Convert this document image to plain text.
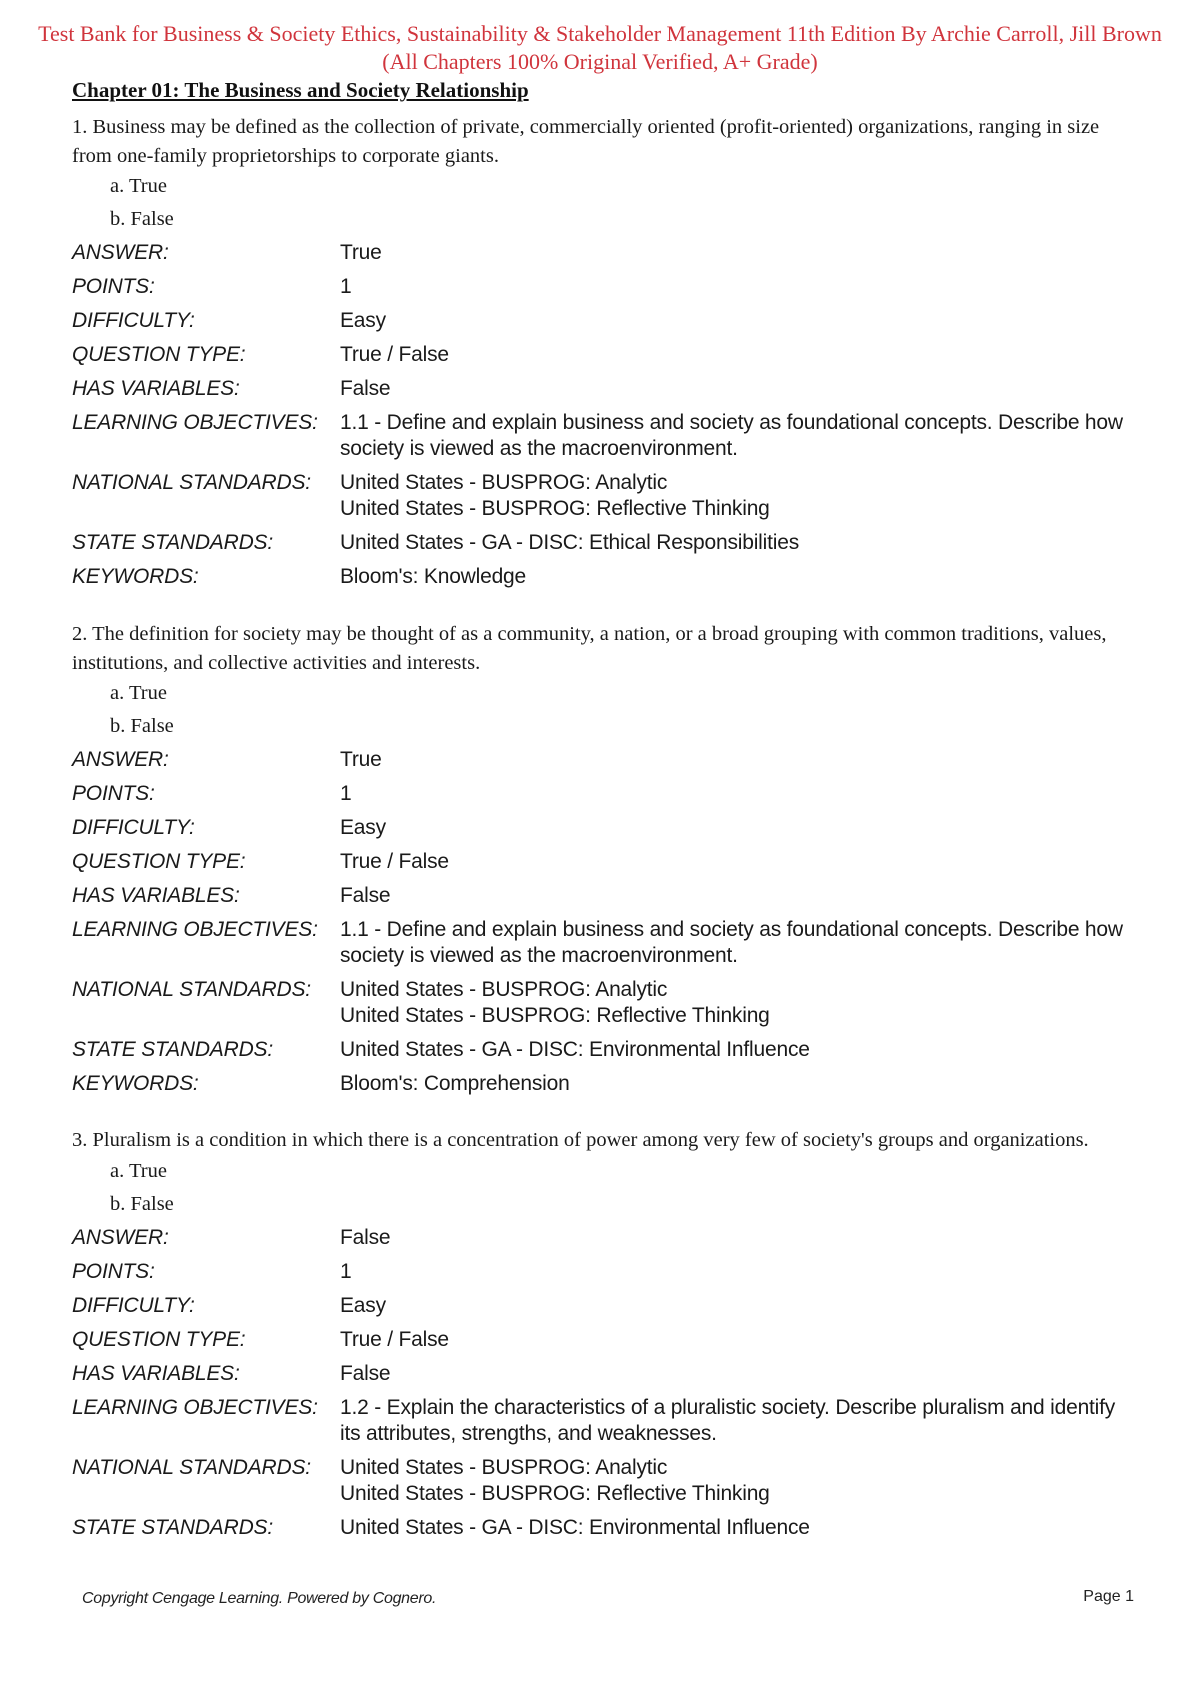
Test Bank for Business & Society Ethics, Sustainability & Stakeholder Management 11th Edition By Archie Carroll, Jill Brown
(All Chapters 100% Original Verified, A+ Grade)
Chapter 01: The Business and Society Relationship

1. Business may be defined as the collection of private, commercially oriented (profit-oriented) organizations, ranging in size from one-family proprietorships to corporate giants.

a. True
b. False
ANSWER:	True
POINTS:	1
DIFFICULTY:	Easy
QUESTION TYPE:	True / False
HAS VARIABLES:	False
LEARNING OBJECTIVES:	1.1 - Define and explain business and society as foundational concepts. Describe how society is viewed as the macroenvironment.
NATIONAL STANDARDS:	United States - BUSPROG: Analytic
United States - BUSPROG: Reflective Thinking
STATE STANDARDS:	United States - GA - DISC: Ethical Responsibilities
KEYWORDS:	Bloom's: Knowledge

2. The definition for society may be thought of as a community, a nation, or a broad grouping with common traditions, values, institutions, and collective activities and interests.

a. True
b. False
ANSWER:	True
POINTS:	1
DIFFICULTY:	Easy
QUESTION TYPE:	True / False
HAS VARIABLES:	False
LEARNING OBJECTIVES:	1.1 - Define and explain business and society as foundational concepts. Describe how society is viewed as the macroenvironment.
NATIONAL STANDARDS:	United States - BUSPROG: Analytic
United States - BUSPROG: Reflective Thinking
STATE STANDARDS:	United States - GA - DISC: Environmental Influence
KEYWORDS:	Bloom's: Comprehension

3. Pluralism is a condition in which there is a concentration of power among very few of society's groups and organizations.

a. True
b. False
ANSWER:	False
POINTS:	1
DIFFICULTY:	Easy
QUESTION TYPE:	True / False
HAS VARIABLES:	False
LEARNING OBJECTIVES:	1.2 - Explain the characteristics of a pluralistic society. Describe pluralism and identify its attributes, strengths, and weaknesses.
NATIONAL STANDARDS:	United States - BUSPROG: Analytic
United States - BUSPROG: Reflective Thinking
STATE STANDARDS:	United States - GA - DISC: Environmental Influence
Copyright Cengage Learning. Powered by Cognero.	Page 1
